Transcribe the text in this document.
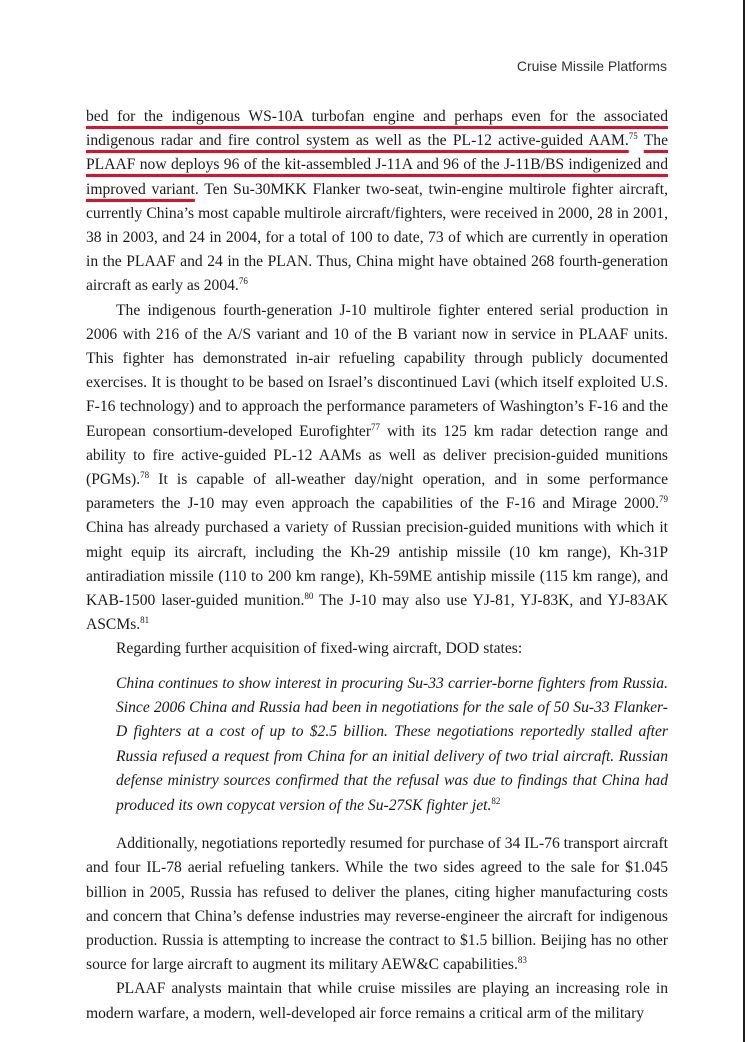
Cruise Missile Platforms

bed for the indigenous WS-10A turbofan engine and perhaps even for the associated indigenous radar and fire control system as well as the PL-12 active-guided AAM.$^{75}$ The PLAAF now deploys 96 of the kit-assembled J-11A and 96 of the J-11B/BS indigenized and improved variant. Ten Su-30MKK Flanker two-seat, twin-engine multirole fighter aircraft, currently China’s most capable multirole aircraft/fighters, were received in 2000, 28 in 2001, 38 in 2003, and 24 in 2004, for a total of 100 to date, 73 of which are currently in operation in the PLAAF and 24 in the PLAN. Thus, China might have obtained 268 fourth-generation aircraft as early as 2004.76

The indigenous fourth-generation J-10 multirole fighter entered serial production in 2006 with 216 of the A/S variant and 10 of the B variant now in service in PLAAF units. This fighter has demonstrated in-air refueling capability through publicly documented exercises. It is thought to be based on Israel’s discontinued Lavi (which itself exploited U.S. F-16 technology) and to approach the performance parameters of Washington’s F-16 and the European consortium-developed Eurofighter$^{77}$ with its 125 km radar detection range and ability to fire active-guided PL-12 AAMs as well as deliver precision-guided munitions (PGMs).$^{78}$ It is capable of all-weather day/night operation, and in some performance parameters the J-10 may even approach the capabilities of the F-16 and Mirage 2000.79 China has already purchased a variety of Russian precision-guided munitions with which it might equip its aircraft, including the Kh-29 antiship missile (10 km range), Kh-31P antiradiation missile (110 to 200 km range), Kh-59ME antiship missile (115 km range), and KAB-1500 laser-guided munition.$^{80}$ The J-10 may also use YJ-81, YJ-83K, and YJ-83AK ASCMs.$^{81}$

Regarding further acquisition of fixed-wing aircraft, DOD states:

China continues to show interest in procuring Su-33 carrier-borne fighters from Russia. Since 2006 China and Russia had been in negotiations for the sale of 50 Su-33 Flanker-D fighters at a cost of up to $2.5 billion. These negotiations reportedly stalled after Russia refused a request from China for an initial delivery of two trial aircraft. Russian defense ministry sources confirmed that the refusal was due to findings that China had produced its own copycat version of the Su-27SK fighter jet.$^{82}$

Additionally, negotiations reportedly resumed for purchase of 34 IL-76 transport aircraft and four IL-78 aerial refueling tankers. While the two sides agreed to the sale for $1.045 billion in 2005, Russia has refused to deliver the planes, citing higher manufacturing costs and concern that China’s defense industries may reverse-engineer the aircraft for indigenous production. Russia is attempting to increase the contract to $1.5 billion. Beijing has no other source for large aircraft to augment its military AEW&C capabilities.$^{83}$

PLAAF analysts maintain that while cruise missiles are playing an increasing role in modern warfare, a modern, well-developed air force remains a critical arm of the military
